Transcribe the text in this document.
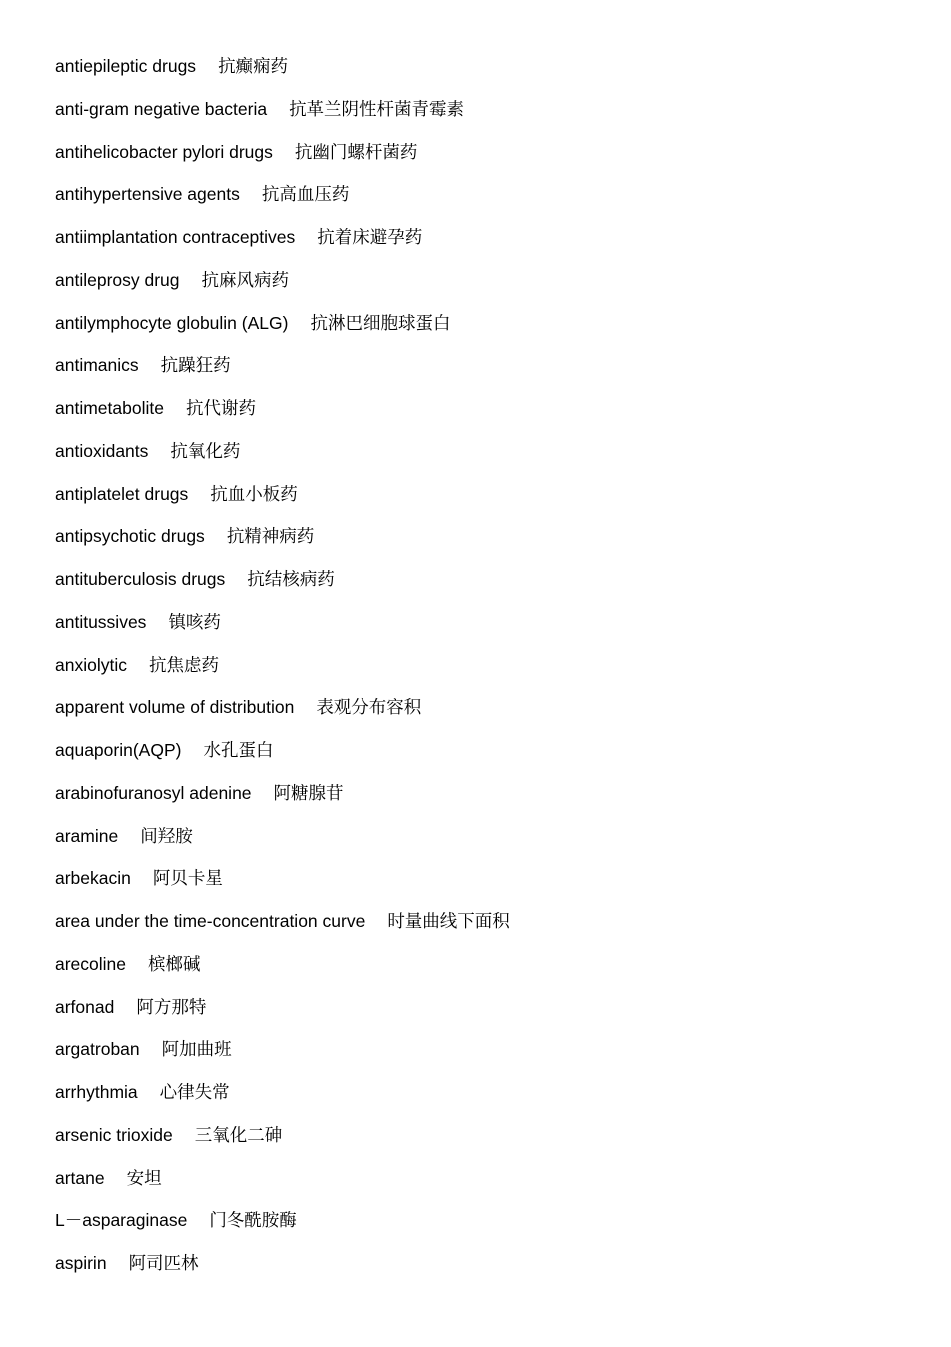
antiepileptic drugs 抗癫痫药
anti-gram negative bacteria 抗革兰阴性杆菌青霉素
antihelicobacter pylori drugs 抗幽门螺杆菌药
antihypertensive agents 抗高血压药
antiimplantation contraceptives 抗着床避孕药
antileprosy drug 抗麻风病药
antilymphocyte globulin (ALG) 抗淋巴细胞球蛋白
antimanics 抗躁狂药
antimetabolite 抗代谢药
antioxidants 抗氧化药
antiplatelet drugs 抗血小板药
antipsychotic drugs 抗精神病药
antituberculosis drugs 抗结核病药
antitussives 镇咳药
anxiolytic 抗焦虑药
apparent volume of distribution 表观分布容积
aquaporin(AQP) 水孔蛋白
arabinofuranosyl adenine 阿糖腺苷
aramine 间羟胺
arbekacin 阿贝卡星
area under the time-concentration curve 时量曲线下面积
arecoline 槟榔碱
arfonad 阿方那特
argatroban 阿加曲班
arrhythmia 心律失常
arsenic trioxide 三氧化二砷
artane 安坦
L－asparaginase 门冬酰胺酶
aspirin 阿司匹林
